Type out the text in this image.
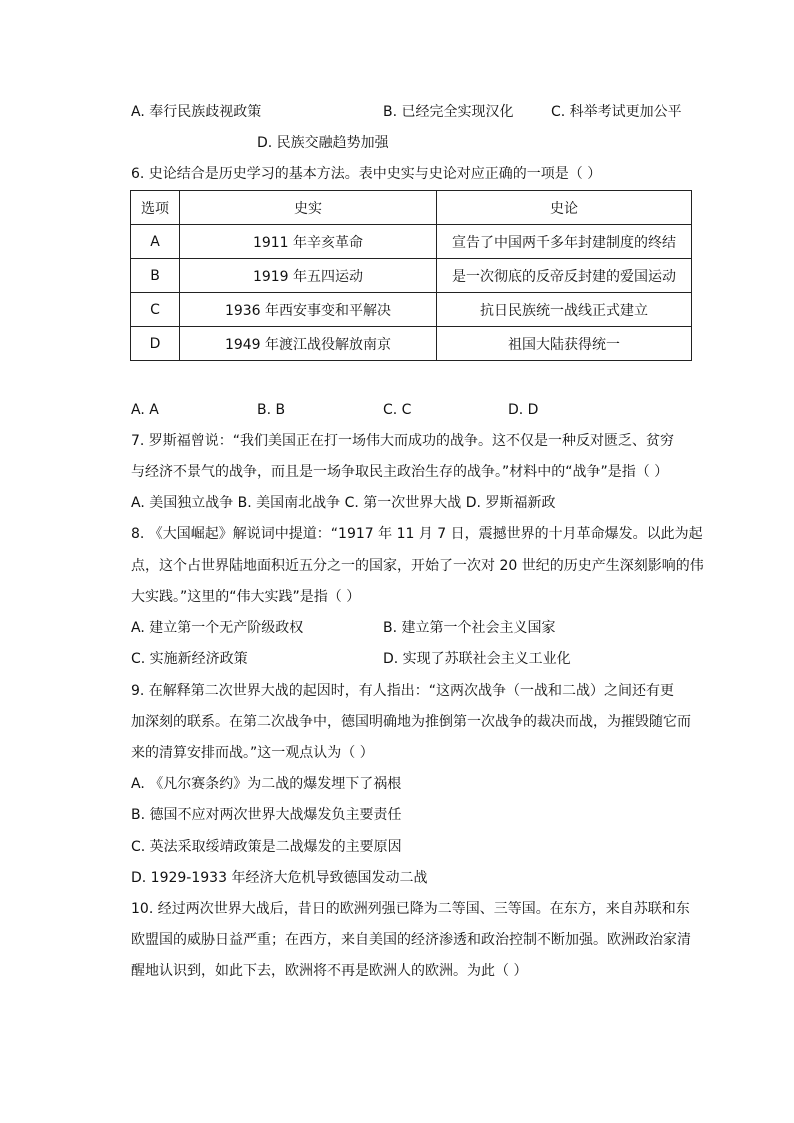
A. 奉行民族歧视政策	B. 已经完全实现汉化	C. 科举考试更加公平
D. 民族交融趋势加强
6. 史论结合是历史学习的基本方法。表中史实与史论对应正确的一项是（ ）
选项	史实	史论
A	1911 年辛亥革命	宣告了中国两千多年封建制度的终结
B	1919 年五四运动	是一次彻底的反帝反封建的爱国运动
C	1936 年西安事变和平解决	抗日民族统一战线正式建立
D	1949 年渡江战役解放南京	祖国大陆获得统一
A. A	B. B	C. C	D. D
7. 罗斯福曾说：“我们美国正在打一场伟大而成功的战争。这不仅是一种反对匮乏、贫穷
与经济不景气的战争，而且是一场争取民主政治生存的战争。”材料中的“战争”是指（ ）
A. 美国独立战争 B. 美国南北战争 C. 第一次世界大战 D. 罗斯福新政
8. 《大国崛起》解说词中提道：“1917 年 11 月 7 日，震撼世界的十月革命爆发。以此为起
点，这个占世界陆地面积近五分之一的国家，开始了一次对 20 世纪的历史产生深刻影响的伟
大实践。”这里的“伟大实践”是指（ ）
A. 建立第一个无产阶级政权	B. 建立第一个社会主义国家
C. 实施新经济政策	D. 实现了苏联社会主义工业化
9. 在解释第二次世界大战的起因时，有人指出：“这两次战争（一战和二战）之间还有更
加深刻的联系。在第二次战争中，德国明确地为推倒第一次战争的裁决而战，为摧毁随它而
来的清算安排而战。”这一观点认为（ ）
A. 《凡尔赛条约》为二战的爆发埋下了祸根
B. 德国不应对两次世界大战爆发负主要责任
C. 英法采取绥靖政策是二战爆发的主要原因
D. 1929-1933 年经济大危机导致德国发动二战
10. 经过两次世界大战后，昔日的欧洲列强已降为二等国、三等国。在东方，来自苏联和东
欧盟国的威胁日益严重；在西方，来自美国的经济渗透和政治控制不断加强。欧洲政治家清
醒地认识到，如此下去，欧洲将不再是欧洲人的欧洲。为此（ ）
